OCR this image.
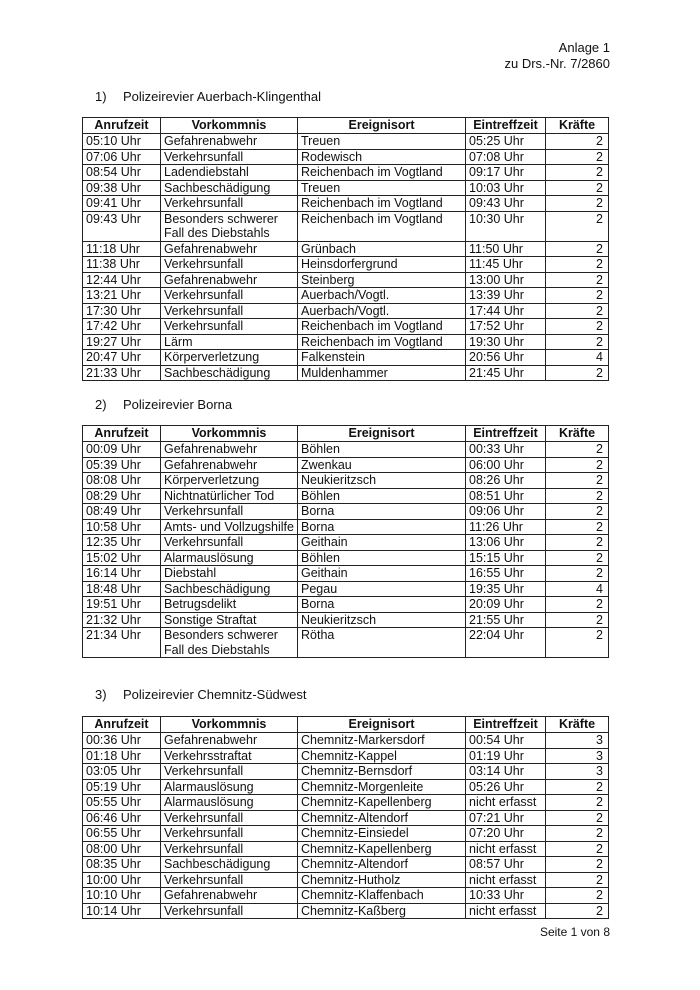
Anlage 1
zu Drs.-Nr. 7/2860
1) Polizeirevier Auerbach-Klingenthal
Anrufzeit	Vorkommnis	Ereignisort	Eintreffzeit	Kräfte
05:10 Uhr	Gefahrenabwehr	Treuen	05:25 Uhr	2
07:06 Uhr	Verkehrsunfall	Rodewisch	07:08 Uhr	2
08:54 Uhr	Ladendiebstahl	Reichenbach im Vogtland	09:17 Uhr	2
09:38 Uhr	Sachbeschädigung	Treuen	10:03 Uhr	2
09:41 Uhr	Verkehrsunfall	Reichenbach im Vogtland	09:43 Uhr	2
09:43 Uhr	Besonders schwerer Fall des Diebstahls	Reichenbach im Vogtland	10:30 Uhr	2
11:18 Uhr	Gefahrenabwehr	Grünbach	11:50 Uhr	2
11:38 Uhr	Verkehrsunfall	Heinsdorfergrund	11:45 Uhr	2
12:44 Uhr	Gefahrenabwehr	Steinberg	13:00 Uhr	2
13:21 Uhr	Verkehrsunfall	Auerbach/Vogtl.	13:39 Uhr	2
17:30 Uhr	Verkehrsunfall	Auerbach/Vogtl.	17:44 Uhr	2
17:42 Uhr	Verkehrsunfall	Reichenbach im Vogtland	17:52 Uhr	2
19:27 Uhr	Lärm	Reichenbach im Vogtland	19:30 Uhr	2
20:47 Uhr	Körperverletzung	Falkenstein	20:56 Uhr	4
21:33 Uhr	Sachbeschädigung	Muldenhammer	21:45 Uhr	2
2) Polizeirevier Borna
Anrufzeit	Vorkommnis	Ereignisort	Eintreffzeit	Kräfte
00:09 Uhr	Gefahrenabwehr	Böhlen	00:33 Uhr	2
05:39 Uhr	Gefahrenabwehr	Zwenkau	06:00 Uhr	2
08:08 Uhr	Körperverletzung	Neukieritzsch	08:26 Uhr	2
08:29 Uhr	Nichtnatürlicher Tod	Böhlen	08:51 Uhr	2
08:49 Uhr	Verkehrsunfall	Borna	09:06 Uhr	2
10:58 Uhr	Amts- und Vollzugshilfe	Borna	11:26 Uhr	2
12:35 Uhr	Verkehrsunfall	Geithain	13:06 Uhr	2
15:02 Uhr	Alarmauslösung	Böhlen	15:15 Uhr	2
16:14 Uhr	Diebstahl	Geithain	16:55 Uhr	2
18:48 Uhr	Sachbeschädigung	Pegau	19:35 Uhr	4
19:51 Uhr	Betrugsdelikt	Borna	20:09 Uhr	2
21:32 Uhr	Sonstige Straftat	Neukieritzsch	21:55 Uhr	2
21:34 Uhr	Besonders schwerer Fall des Diebstahls	Rötha	22:04 Uhr	2
3) Polizeirevier Chemnitz-Südwest
Anrufzeit	Vorkommnis	Ereignisort	Eintreffzeit	Kräfte
00:36 Uhr	Gefahrenabwehr	Chemnitz-Markersdorf	00:54 Uhr	3
01:18 Uhr	Verkehrsstraftat	Chemnitz-Kappel	01:19 Uhr	3
03:05 Uhr	Verkehrsunfall	Chemnitz-Bernsdorf	03:14 Uhr	3
05:19 Uhr	Alarmauslösung	Chemnitz-Morgenleite	05:26 Uhr	2
05:55 Uhr	Alarmauslösung	Chemnitz-Kapellenberg	nicht erfasst	2
06:46 Uhr	Verkehrsunfall	Chemnitz-Altendorf	07:21 Uhr	2
06:55 Uhr	Verkehrsunfall	Chemnitz-Einsiedel	07:20 Uhr	2
08:00 Uhr	Verkehrsunfall	Chemnitz-Kapellenberg	nicht erfasst	2
08:35 Uhr	Sachbeschädigung	Chemnitz-Altendorf	08:57 Uhr	2
10:00 Uhr	Verkehrsunfall	Chemnitz-Hutholz	nicht erfasst	2
10:10 Uhr	Gefahrenabwehr	Chemnitz-Klaffenbach	10:33 Uhr	2
10:14 Uhr	Verkehrsunfall	Chemnitz-Kaßberg	nicht erfasst	2
Seite 1 von 8
